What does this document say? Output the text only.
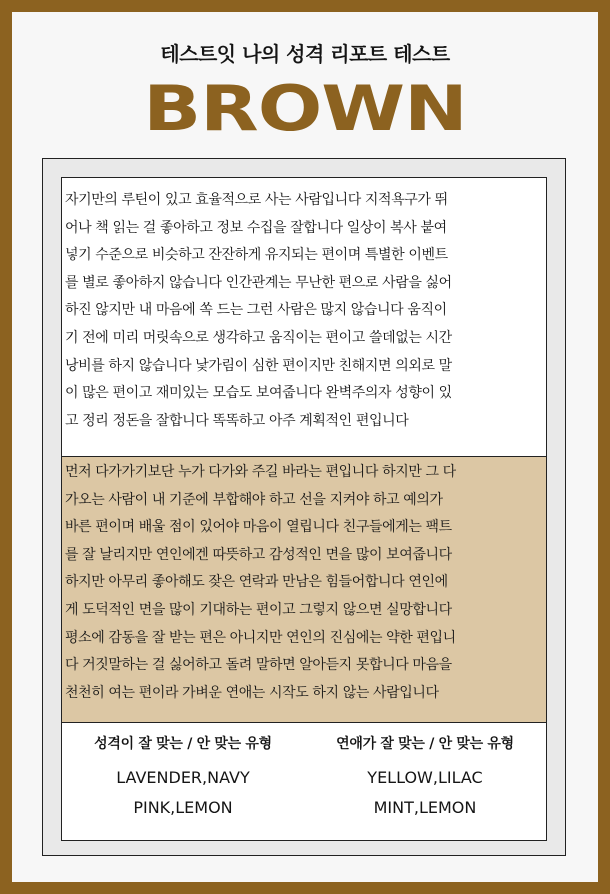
테스트잇 나의 성격 리포트 테스트
BROWN

자기만의 루틴이 있고 효율적으로 사는 사람입니다 지적욕구가 뛰
어나 책 읽는 걸 좋아하고 정보 수집을 잘합니다 일상이 복사 붙여
넣기 수준으로 비슷하고 잔잔하게 유지되는 편이며 특별한 이벤트
를 별로 좋아하지 않습니다 인간관계는 무난한 편으로 사람을 싫어
하진 않지만 내 마음에 쏙 드는 그런 사람은 많지 않습니다 움직이
기 전에 미리 머릿속으로 생각하고 움직이는 편이고 쓸데없는 시간
낭비를 하지 않습니다 낯가림이 심한 편이지만 친해지면 의외로 말
이 많은 편이고 재미있는 모습도 보여줍니다 완벽주의자 성향이 있
고 정리 정돈을 잘합니다 똑똑하고 아주 계획적인 편입니다

먼저 다가가기보단 누가 다가와 주길 바라는 편입니다 하지만 그 다
가오는 사람이 내 기준에 부합해야 하고 선을 지켜야 하고 예의가
바른 편이며 배울 점이 있어야 마음이 열립니다 친구들에게는 팩트
를 잘 날리지만 연인에겐 따뜻하고 감성적인 면을 많이 보여줍니다
하지만 아무리 좋아해도 잦은 연락과 만남은 힘들어합니다 연인에
게 도덕적인 면을 많이 기대하는 편이고 그렇지 않으면 실망합니다
평소에 감동을 잘 받는 편은 아니지만 연인의 진심에는 약한 편입니
다 거짓말하는 걸 싫어하고 돌려 말하면 알아듣지 못합니다 마음을
천천히 여는 편이라 가벼운 연애는 시작도 하지 않는 사람입니다

성격이 잘 맞는 / 안 맞는 유형
LAVENDER,NAVY
PINK,LEMON
연애가 잘 맞는 / 안 맞는 유형
YELLOW,LILAC
MINT,LEMON
